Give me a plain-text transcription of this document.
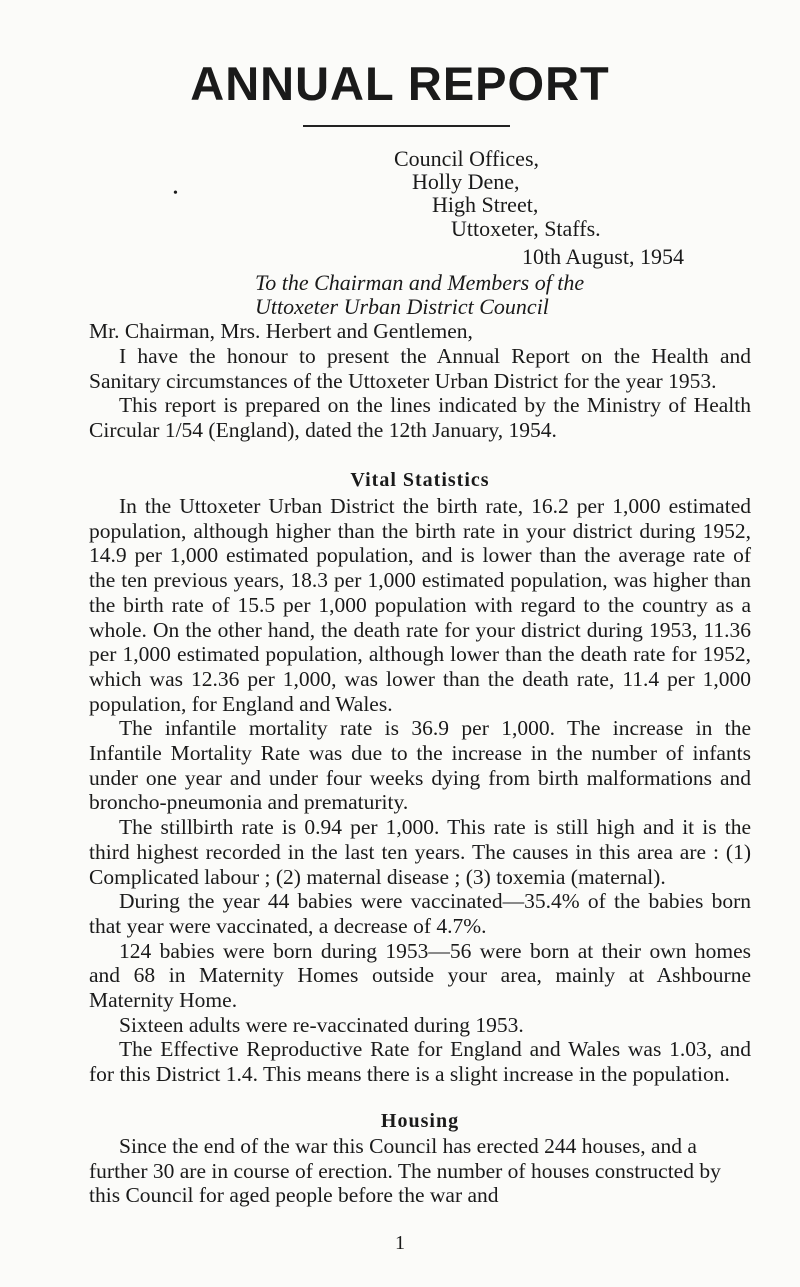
ANNUAL REPORT
Council Offices,
Holly Dene,
•	High Street,
Uttoxeter, Staffs.
10th August, 1954
To the Chairman and Members of the
Uttoxeter Urban District Council

Mr. Chairman, Mrs. Herbert and Gentlemen,

I have the honour to present the Annual Report on the Health and Sanitary circumstances of the Uttoxeter Urban District for the year 1953.

This report is prepared on the lines indicated by the Ministry of Health Circular 1/54 (England), dated the 12th January, 1954.

Vital Statistics

In the Uttoxeter Urban District the birth rate, 16.2 per 1,000 estimated population, although higher than the birth rate in your district during 1952, 14.9 per 1,000 estimated population, and is lower than the average rate of the ten previous years, 18.3 per 1,000 estimated population, was higher than the birth rate of 15.5 per 1,000 population with regard to the country as a whole. On the other hand, the death rate for your district during 1953, 11.36 per 1,000 estimated population, although lower than the death rate for 1952, which was 12.36 per 1,000, was lower than the death rate, 11.4 per 1,000 population, for England and Wales.

The infantile mortality rate is 36.9 per 1,000. The increase in the Infantile Mortality Rate was due to the increase in the number of infants under one year and under four weeks dying from birth malformations and broncho-pneumonia and prematurity.

The stillbirth rate is 0.94 per 1,000. This rate is still high and it is the third highest recorded in the last ten years. The causes in this area are : (1) Complicated labour ; (2) maternal disease ; (3) toxemia (maternal).

During the year 44 babies were vaccinated—35.4% of the babies born that year were vaccinated, a decrease of 4.7%.

124 babies were born during 1953—56 were born at their own homes and 68 in Maternity Homes outside your area, mainly at Ashbourne Maternity Home.

Sixteen adults were re-vaccinated during 1953.

The Effective Reproductive Rate for England and Wales was 1.03, and for this District 1.4. This means there is a slight increase in the population.

Housing

Since the end of the war this Council has erected 244 houses, and a further 30 are in course of erection. The number of houses constructed by this Council for aged people before the war and

1
